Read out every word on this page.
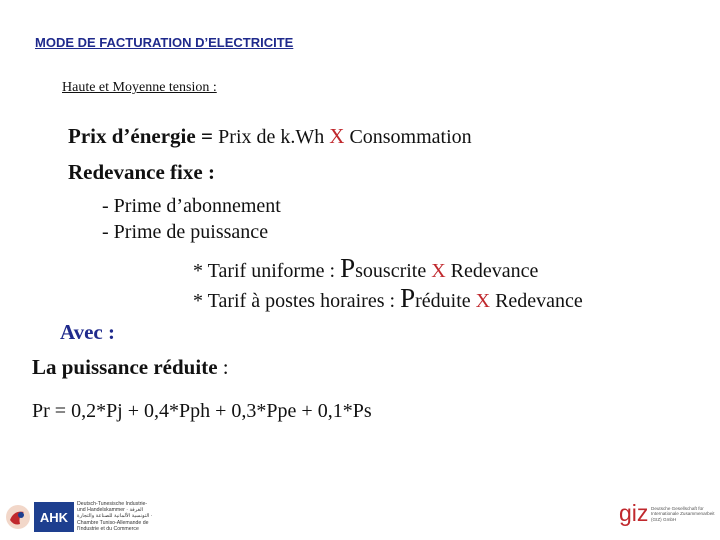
MODE DE FACTURATION D’ELECTRICITE
Haute et Moyenne tension :
Prix d’énergie = Prix de k.Wh X Consommation
Redevance fixe :
- Prime d’abonnement
- Prime de puissance
* Tarif uniforme : Psouscrite X Redevance
* Tarif à postes horaires : Préduite X Redevance
Avec :
La puissance réduite :
Pr = 0,2*Pj + 0,4*Pph + 0,3*Ppe + 0,1*Ps
AHK
Deutsch-Tunesische Industrie- und Handelskammer · الغرفة التونسية الألمانية للصناعة والتجارة · Chambre Tuniso-Allemande de l'Industrie et du Commerce
giz Deutsche Gesellschaft für Internationale Zusammenarbeit (GIZ) GmbH
